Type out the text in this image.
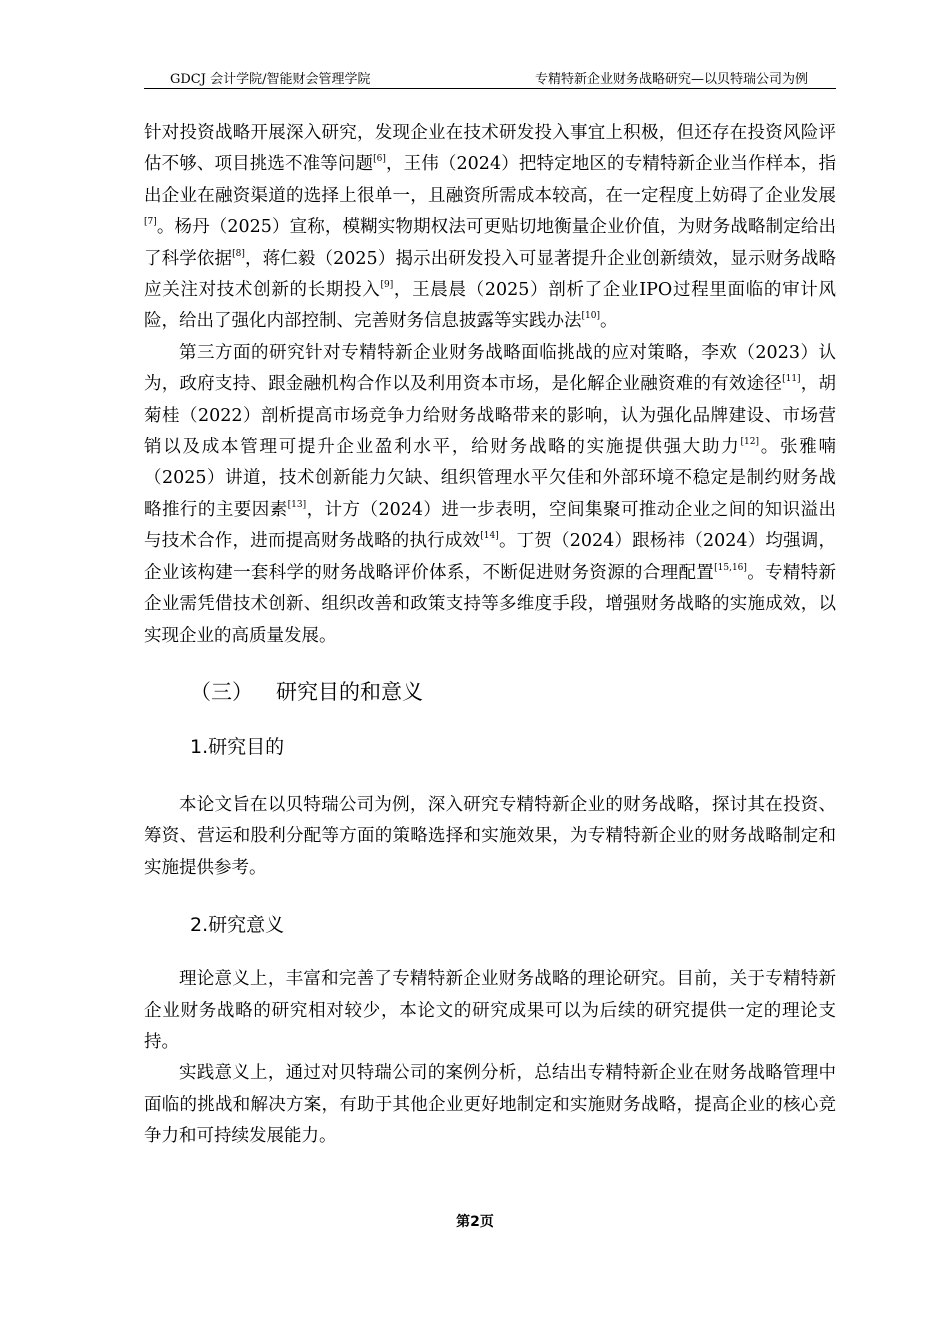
GDCJ 会计学院/智能财会管理学院	专精特新企业财务战略研究—以贝特瑞公司为例

针对投资战略开展深入研究，发现企业在技术研发投入事宜上积极，但还存在投资风险评估不够、项目挑选不准等问题[6]，王伟（2024）把特定地区的专精特新企业当作样本，指出企业在融资渠道的选择上很单一，且融资所需成本较高，在一定程度上妨碍了企业发展[7]。杨丹（2025）宣称，模糊实物期权法可更贴切地衡量企业价值，为财务战略制定给出了科学依据[8]，蒋仁毅（2025）揭示出研发投入可显著提升企业创新绩效，显示财务战略应关注对技术创新的长期投入[9]，王晨晨（2025）剖析了企业IPO过程里面临的审计风险，给出了强化内部控制、完善财务信息披露等实践办法[10]。

第三方面的研究针对专精特新企业财务战略面临挑战的应对策略，李欢（2023）认为，政府支持、跟金融机构合作以及利用资本市场，是化解企业融资难的有效途径[11]，胡菊桂（2022）剖析提高市场竞争力给财务战略带来的影响，认为强化品牌建设、市场营销以及成本管理可提升企业盈利水平，给财务战略的实施提供强大助力[12]。张雅喃（2025）讲道，技术创新能力欠缺、组织管理水平欠佳和外部环境不稳定是制约财务战略推行的主要因素[13]，计方（2024）进一步表明，空间集聚可推动企业之间的知识溢出与技术合作，进而提高财务战略的执行成效[14]。丁贺（2024）跟杨祎（2024）均强调，企业该构建一套科学的财务战略评价体系，不断促进财务资源的合理配置[15,16]。专精特新企业需凭借技术创新、组织改善和政策支持等多维度手段，增强财务战略的实施成效，以实现企业的高质量发展。

（三） 研究目的和意义
1.研究目的

本论文旨在以贝特瑞公司为例，深入研究专精特新企业的财务战略，探讨其在投资、筹资、营运和股利分配等方面的策略选择和实施效果，为专精特新企业的财务战略制定和实施提供参考。

2.研究意义

理论意义上，丰富和完善了专精特新企业财务战略的理论研究。目前，关于专精特新企业财务战略的研究相对较少，本论文的研究成果可以为后续的研究提供一定的理论支持。

实践意义上，通过对贝特瑞公司的案例分析，总结出专精特新企业在财务战略管理中面临的挑战和解决方案，有助于其他企业更好地制定和实施财务战略，提高企业的核心竞争力和可持续发展能力。

第2页
